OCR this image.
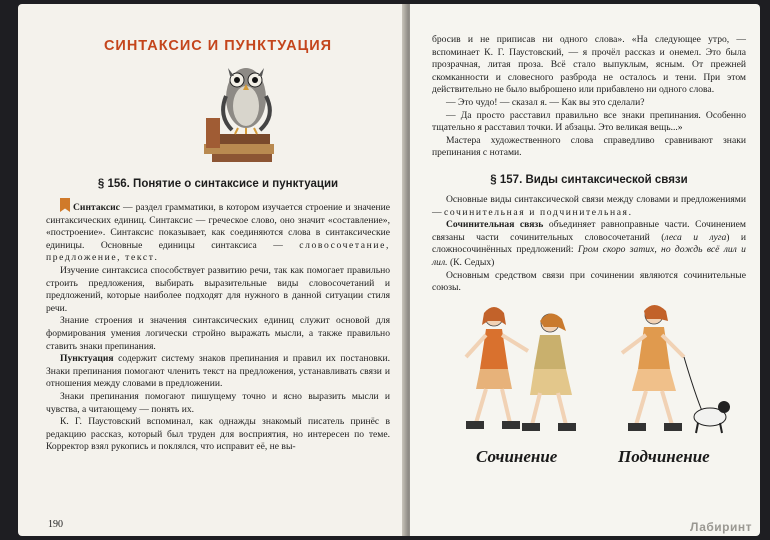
СИНТАКСИС И ПУНКТУАЦИЯ
§ 156. Понятие о синтаксисе и пунктуации

Синтаксис — раздел грамматики, в котором изучается строение и значение синтаксических единиц. Синтаксис — греческое слово, оно значит «составление», «построение». Синтаксис показывает, как соединяются слова в синтаксические единицы. Основные единицы синтаксиса — словосочетание, предложение, текст.

Изучение синтаксиса способствует развитию речи, так как помогает правильно строить предложения, выбирать выразительные виды словосочетаний и предложений, которые наиболее подходят для нужного в данной ситуации стиля речи.

Знание строения и значения синтаксических единиц служит основой для формирования умения логически стройно выражать мысли, а также правильно ставить знаки препинания.

Пунктуация содержит систему знаков препинания и правил их постановки. Знаки препинания помогают членить текст на предложения, устанавливать связи и отношения между словами в предложении.

Знаки препинания помогают пишущему точно и ясно выразить мысли и чувства, а читающему — понять их.

К. Г. Паустовский вспоминал, как однажды знакомый писатель принёс в редакцию рассказ, который был труден для восприятия, но интересен по теме. Корректор взял рукопись и поклялся, что исправит её, не вы-

190

бросив и не приписав ни одного слова». «На следующее утро, — вспоминает К. Г. Паустовский, — я прочёл рассказ и онемел. Это была прозрачная, литая проза. Всё стало выпуклым, ясным. От прежней скомканности и словесного разброда не осталось и тени. При этом действительно не было выброшено или прибавлено ни одного слова.

— Это чудо! — сказал я. — Как вы это сделали?

— Да просто расставил правильно все знаки препинания. Особенно тщательно я расставил точки. И абзацы. Это великая вещь...»

Мастера художественного слова справедливо сравнивают знаки препинания с нотами.

§ 157. Виды синтаксической связи

Основные виды синтаксической связи между словами и предложениями — сочинительная и подчинительная.

Сочинительная связь объединяет равноправные части. Сочинением связаны части сочинительных словосочетаний (леса и луга) и сложносочинённых предложений: Гром скоро затих, но дождь всё лил и лил. (К. Седых)

Основным средством связи при сочинении являются сочинительные союзы.

Сочинение	Подчинение
Лабиринт
